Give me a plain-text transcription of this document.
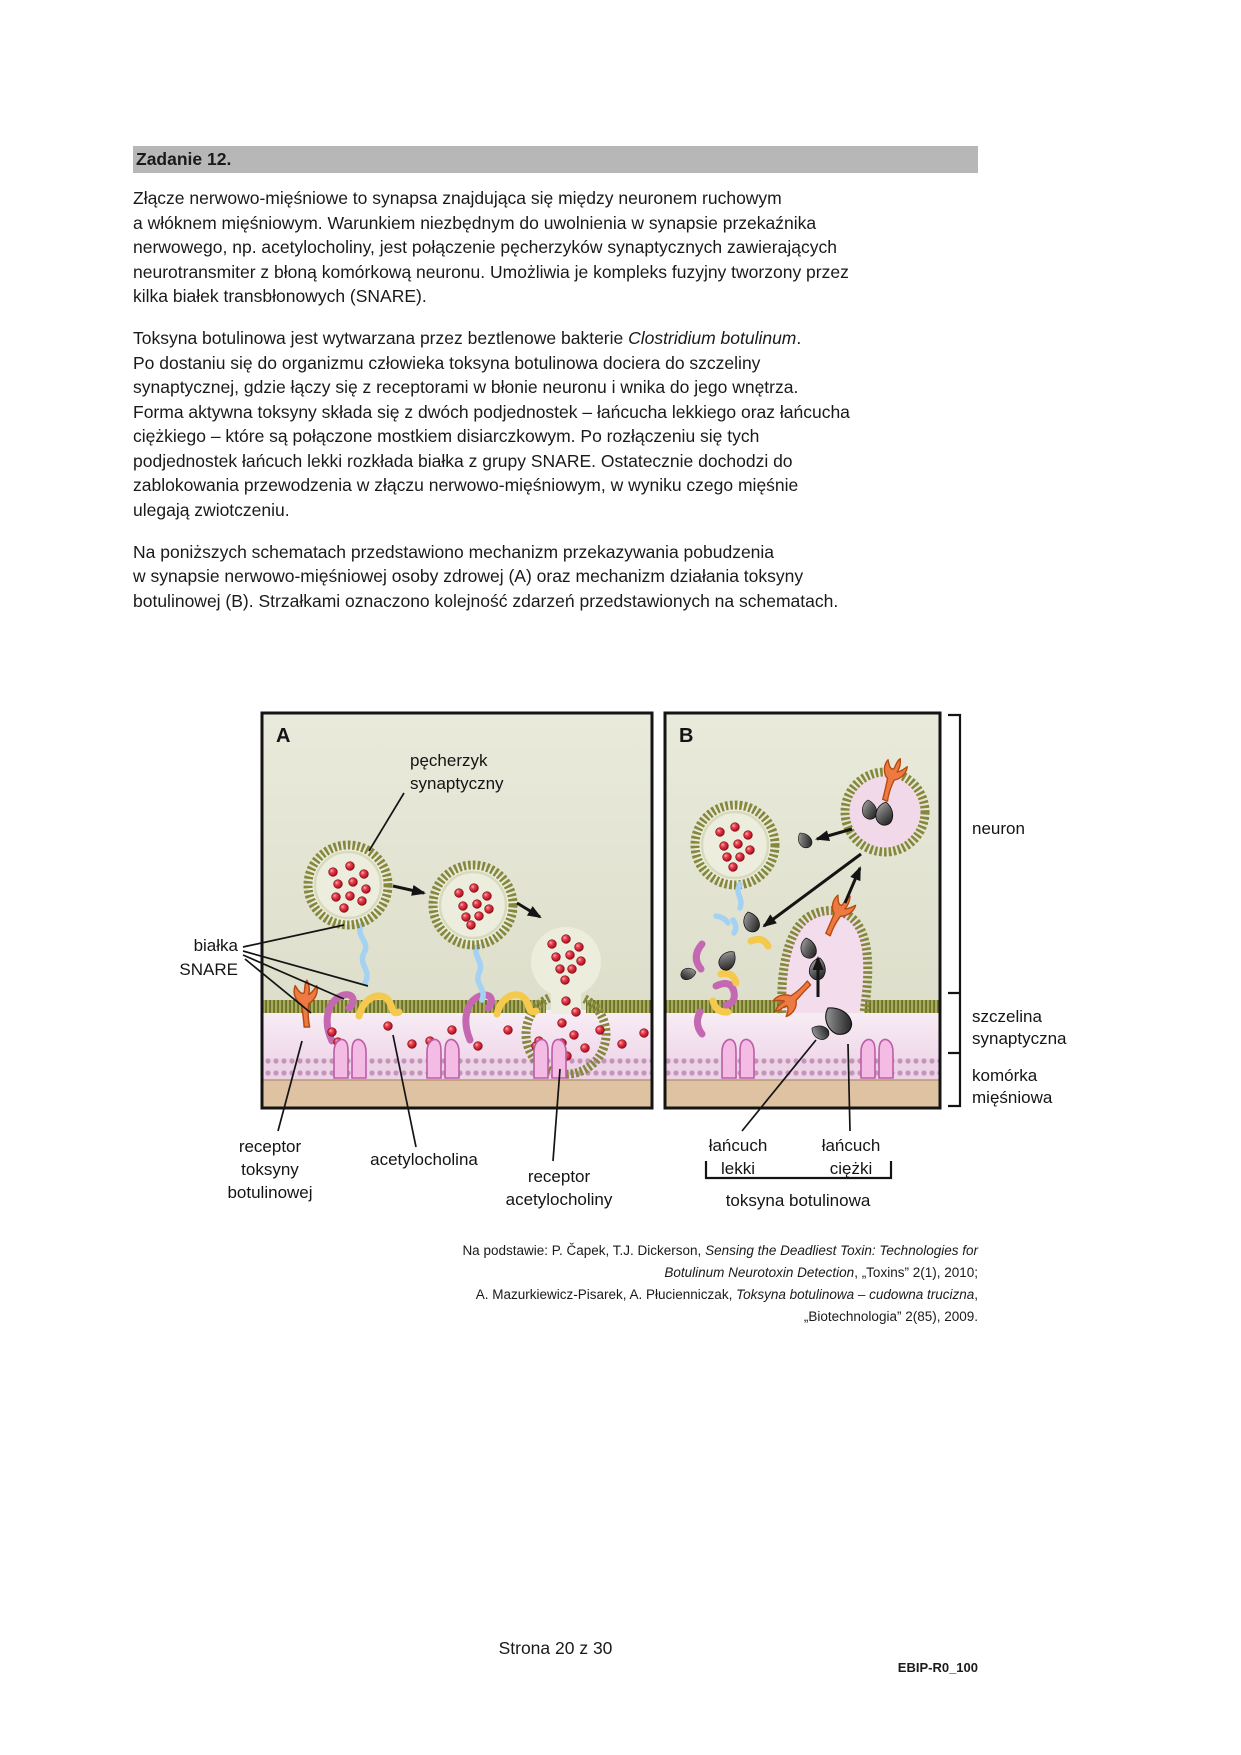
Zadanie 12.

Złącze nerwowo-mięśniowe to synapsa znajdująca się między neuronem ruchowym
a włóknem mięśniowym. Warunkiem niezbędnym do uwolnienia w synapsie przekaźnika
nerwowego, np. acetylocholiny, jest połączenie pęcherzyków synaptycznych zawierających
neurotransmiter z błoną komórkową neuronu. Umożliwia je kompleks fuzyjny tworzony przez
kilka białek transbłonowych (SNARE).

Toksyna botulinowa jest wytwarzana przez beztlenowe bakterie Clostridium botulinum.
Po dostaniu się do organizmu człowieka toksyna botulinowa dociera do szczeliny
synaptycznej, gdzie łączy się z receptorami w błonie neuronu i wnika do jego wnętrza.
Forma aktywna toksyny składa się z dwóch podjednostek – łańcucha lekkiego oraz łańcucha
ciężkiego – które są połączone mostkiem disiarczkowym. Po rozłączeniu się tych
podjednostek łańcuch lekki rozkłada białka z grupy SNARE. Ostatecznie dochodzi do
zablokowania przewodzenia w złączu nerwowo-mięśniowym, w wyniku czego mięśnie
ulegają zwiotczeniu.

Na poniższych schematach przedstawiono mechanizm przekazywania pobudzenia
w synapsie nerwowo-mięśniowej osoby zdrowej (A) oraz mechanizm działania toksyny
botulinowej (B). Strzałkami oznaczono kolejność zdarzeń przedstawionych na schematach.

A	B
pęcherzyk
synaptyczny
białka
SNARE
neuron
szczelina
synaptyczna
komórka
mięśniowa
receptor
toksyny
botulinowej
acetylocholina
receptor
acetylocholiny
łańcuch
lekki
łańcuch
ciężki
toksyna botulinowa
Na podstawie: P. Čapek, T.J. Dickerson, Sensing the Deadliest Toxin: Technologies for
Botulinum Neurotoxin Detection, „Toxins” 2(1), 2010;
A. Mazurkiewicz-Pisarek, A. Płucienniczak, Toksyna botulinowa – cudowna trucizna,
„Biotechnologia” 2(85), 2009.
Strona 20 z 30
EBIP-R0_100
